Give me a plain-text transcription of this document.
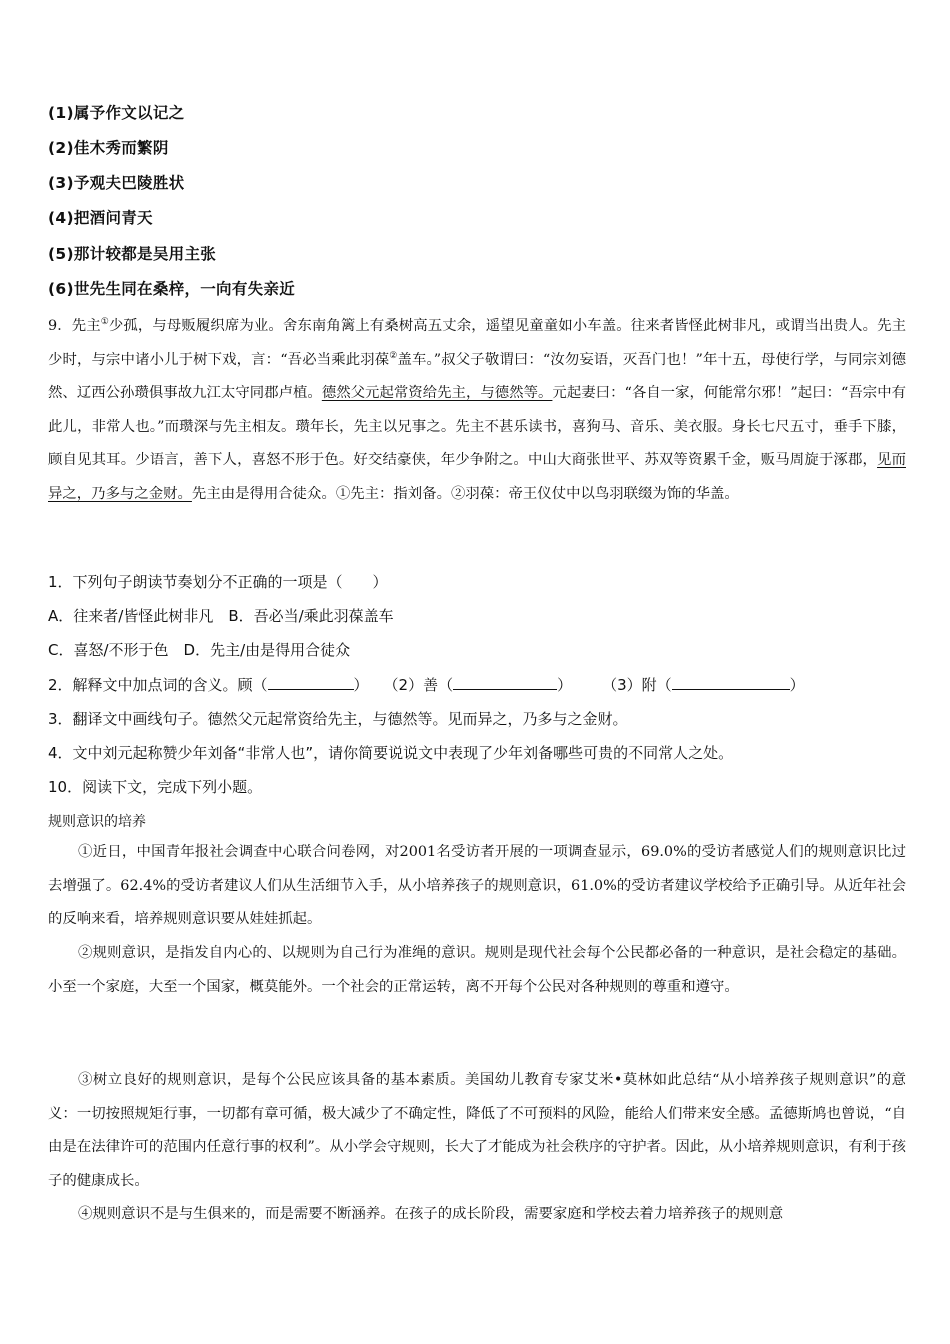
(1)属予作文以记之
(2)佳木秀而繁阴
(3)予观夫巴陵胜状
(4)把酒问青天
(5)那计较都是吴用主张
(6)世先生同在桑梓，一向有失亲近
9．先主①少孤，与母贩履织席为业。舍东南角篱上有桑树高五丈余，遥望见童童如小车盖。往来者皆怪此树非凡，或谓当出贵人。先主少时，与宗中诸小儿于树下戏，言：“吾必当乘此羽葆②盖车。”叔父子敬谓曰：“汝勿妄语，灭吾门也！”年十五，母使行学，与同宗刘德然、辽西公孙瓒俱事故九江太守同郡卢植。德然父元起常资给先主，与德然等。元起妻曰：“各自一家，何能常尔邪！”起曰：“吾宗中有此儿，非常人也。”而瓒深与先主相友。瓒年长，先主以兄事之。先主不甚乐读书，喜狗马、音乐、美衣服。身长七尺五寸，垂手下膝，顾自见其耳。少语言，善下人，喜怒不形于色。好交结豪侠，年少争附之。中山大商张世平、苏双等资累千金，贩马周旋于涿郡，见而异之，乃多与之金财。先主由是得用合徒众。①先主：指刘备。②羽葆：帝王仪仗中以鸟羽联缀为饰的华盖。
1．下列句子朗读节奏划分不正确的一项是（　　）
A．往来者/皆怪此树非凡　B．吾必当/乘此羽葆盖车
C．喜怒/不形于色　D．先主/由是得用合徒众
2．解释文中加点词的含义。顾（	）　　（2）善（	）　　　（3）附（	）
3．翻译文中画线句子。德然父元起常资给先主，与德然等。见而异之，乃多与之金财。
4．文中刘元起称赞少年刘备“非常人也”，请你简要说说文中表现了少年刘备哪些可贵的不同常人之处。
10．阅读下文，完成下列小题。
规则意识的培养
①近日，中国青年报社会调查中心联合问卷网，对2001名受访者开展的一项调查显示，69.0%的受访者感觉人们的规则意识比过去增强了。62.4%的受访者建议人们从生活细节入手，从小培养孩子的规则意识，61.0%的受访者建议学校给予正确引导。从近年社会的反响来看，培养规则意识要从娃娃抓起。
②规则意识，是指发自内心的、以规则为自己行为准绳的意识。规则是现代社会每个公民都必备的一种意识，是社会稳定的基础。小至一个家庭，大至一个国家，概莫能外。一个社会的正常运转，离不开每个公民对各种规则的尊重和遵守。
③树立良好的规则意识，是每个公民应该具备的基本素质。美国幼儿教育专家艾米•莫林如此总结“从小培养孩子规则意识”的意义：一切按照规矩行事，一切都有章可循，极大减少了不确定性，降低了不可预料的风险，能给人们带来安全感。孟德斯鸠也曾说，“自由是在法律许可的范围内任意行事的权利”。从小学会守规则，长大了才能成为社会秩序的守护者。因此，从小培养规则意识，有利于孩子的健康成长。
④规则意识不是与生俱来的，而是需要不断涵养。在孩子的成长阶段，需要家庭和学校去着力培养孩子的规则意
